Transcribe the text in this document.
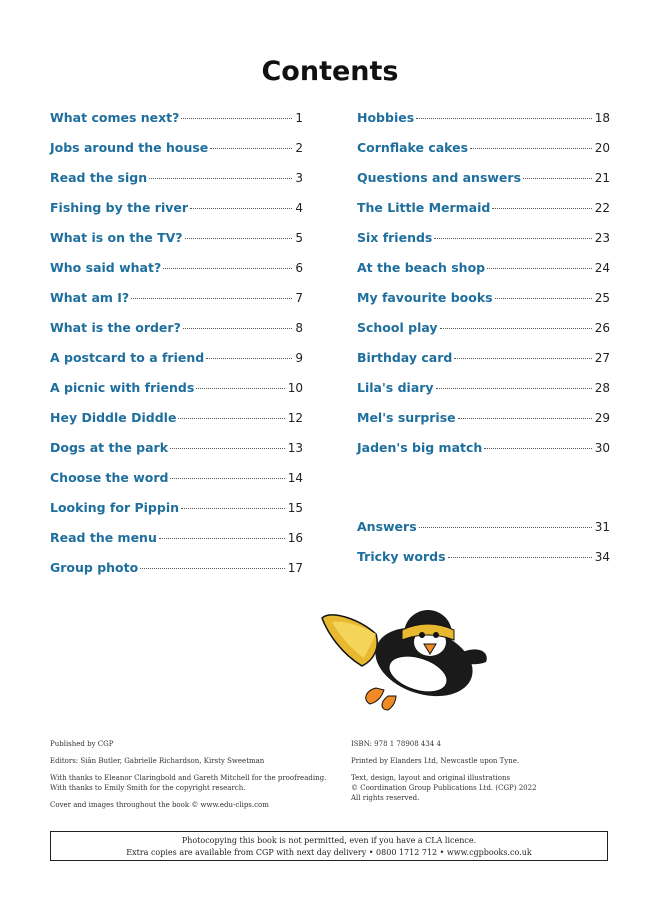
Contents
What comes next?	1
Jobs around the house	2
Read the sign	3
Fishing by the river	4
What is on the TV?	5
Who said what?	6
What am I?	7
What is the order?	8
A postcard to a friend	9
A picnic with friends	10
Hey Diddle Diddle	12
Dogs at the park	13
Choose the word	14
Looking for Pippin	15
Read the menu	16
Group photo	17
Hobbies	18
Cornflake cakes	20
Questions and answers	21
The Little Mermaid	22
Six friends	23
At the beach shop	24
My favourite books	25
School play	26
Birthday card	27
Lila's diary	28
Mel's surprise	29
Jaden's big match	30
Answers	31
Tricky words	34
Published by CGP
Editors: Siân Butler, Gabrielle Richardson, Kirsty Sweetman
With thanks to Eleanor Claringbold and Gareth Mitchell for the proofreading.
With thanks to Emily Smith for the copyright research.
Cover and images throughout the book © www.edu-clips.com
ISBN: 978 1 78908 434 4
Printed by Elanders Ltd, Newcastle upon Tyne.
Text, design, layout and original illustrations
© Coordination Group Publications Ltd. (CGP) 2022
All rights reserved.
Photocopying this book is not permitted, even if you have a CLA licence.
Extra copies are available from CGP with next day delivery • 0800 1712 712 • www.cgpbooks.co.uk
